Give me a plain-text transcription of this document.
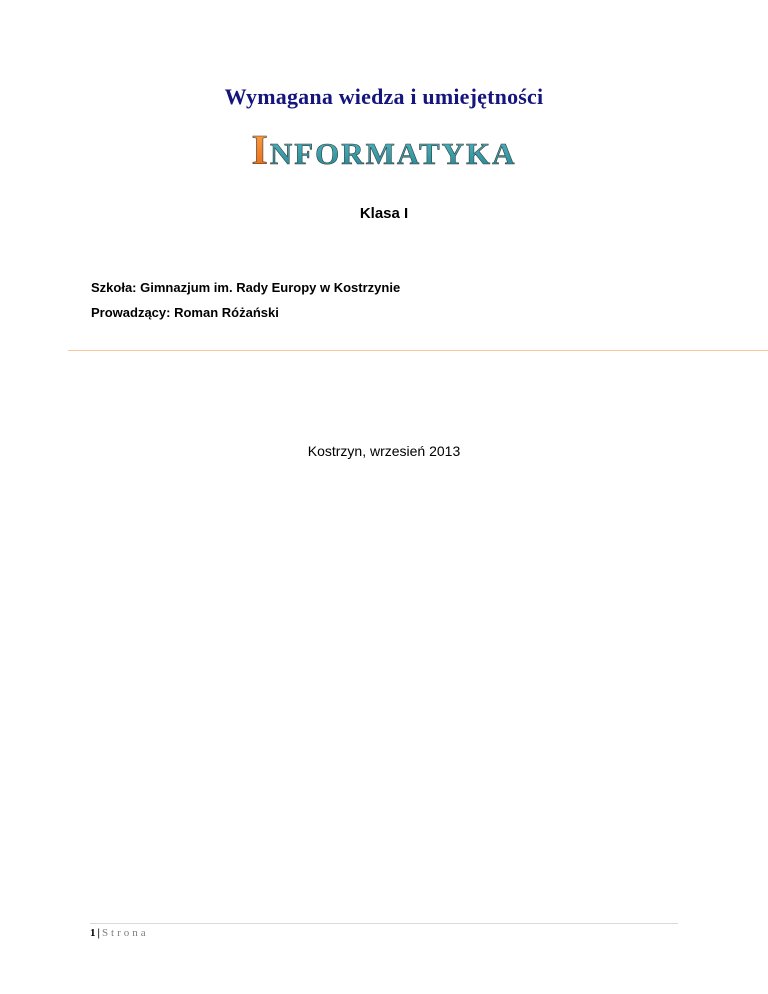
Wymagana wiedza i umiejętności
INFORMATYKA
Klasa I
Szkoła: Gimnazjum im. Rady Europy w Kostrzynie
Prowadzący: Roman Różański
Kostrzyn, wrzesień 2013
1 | Strona
